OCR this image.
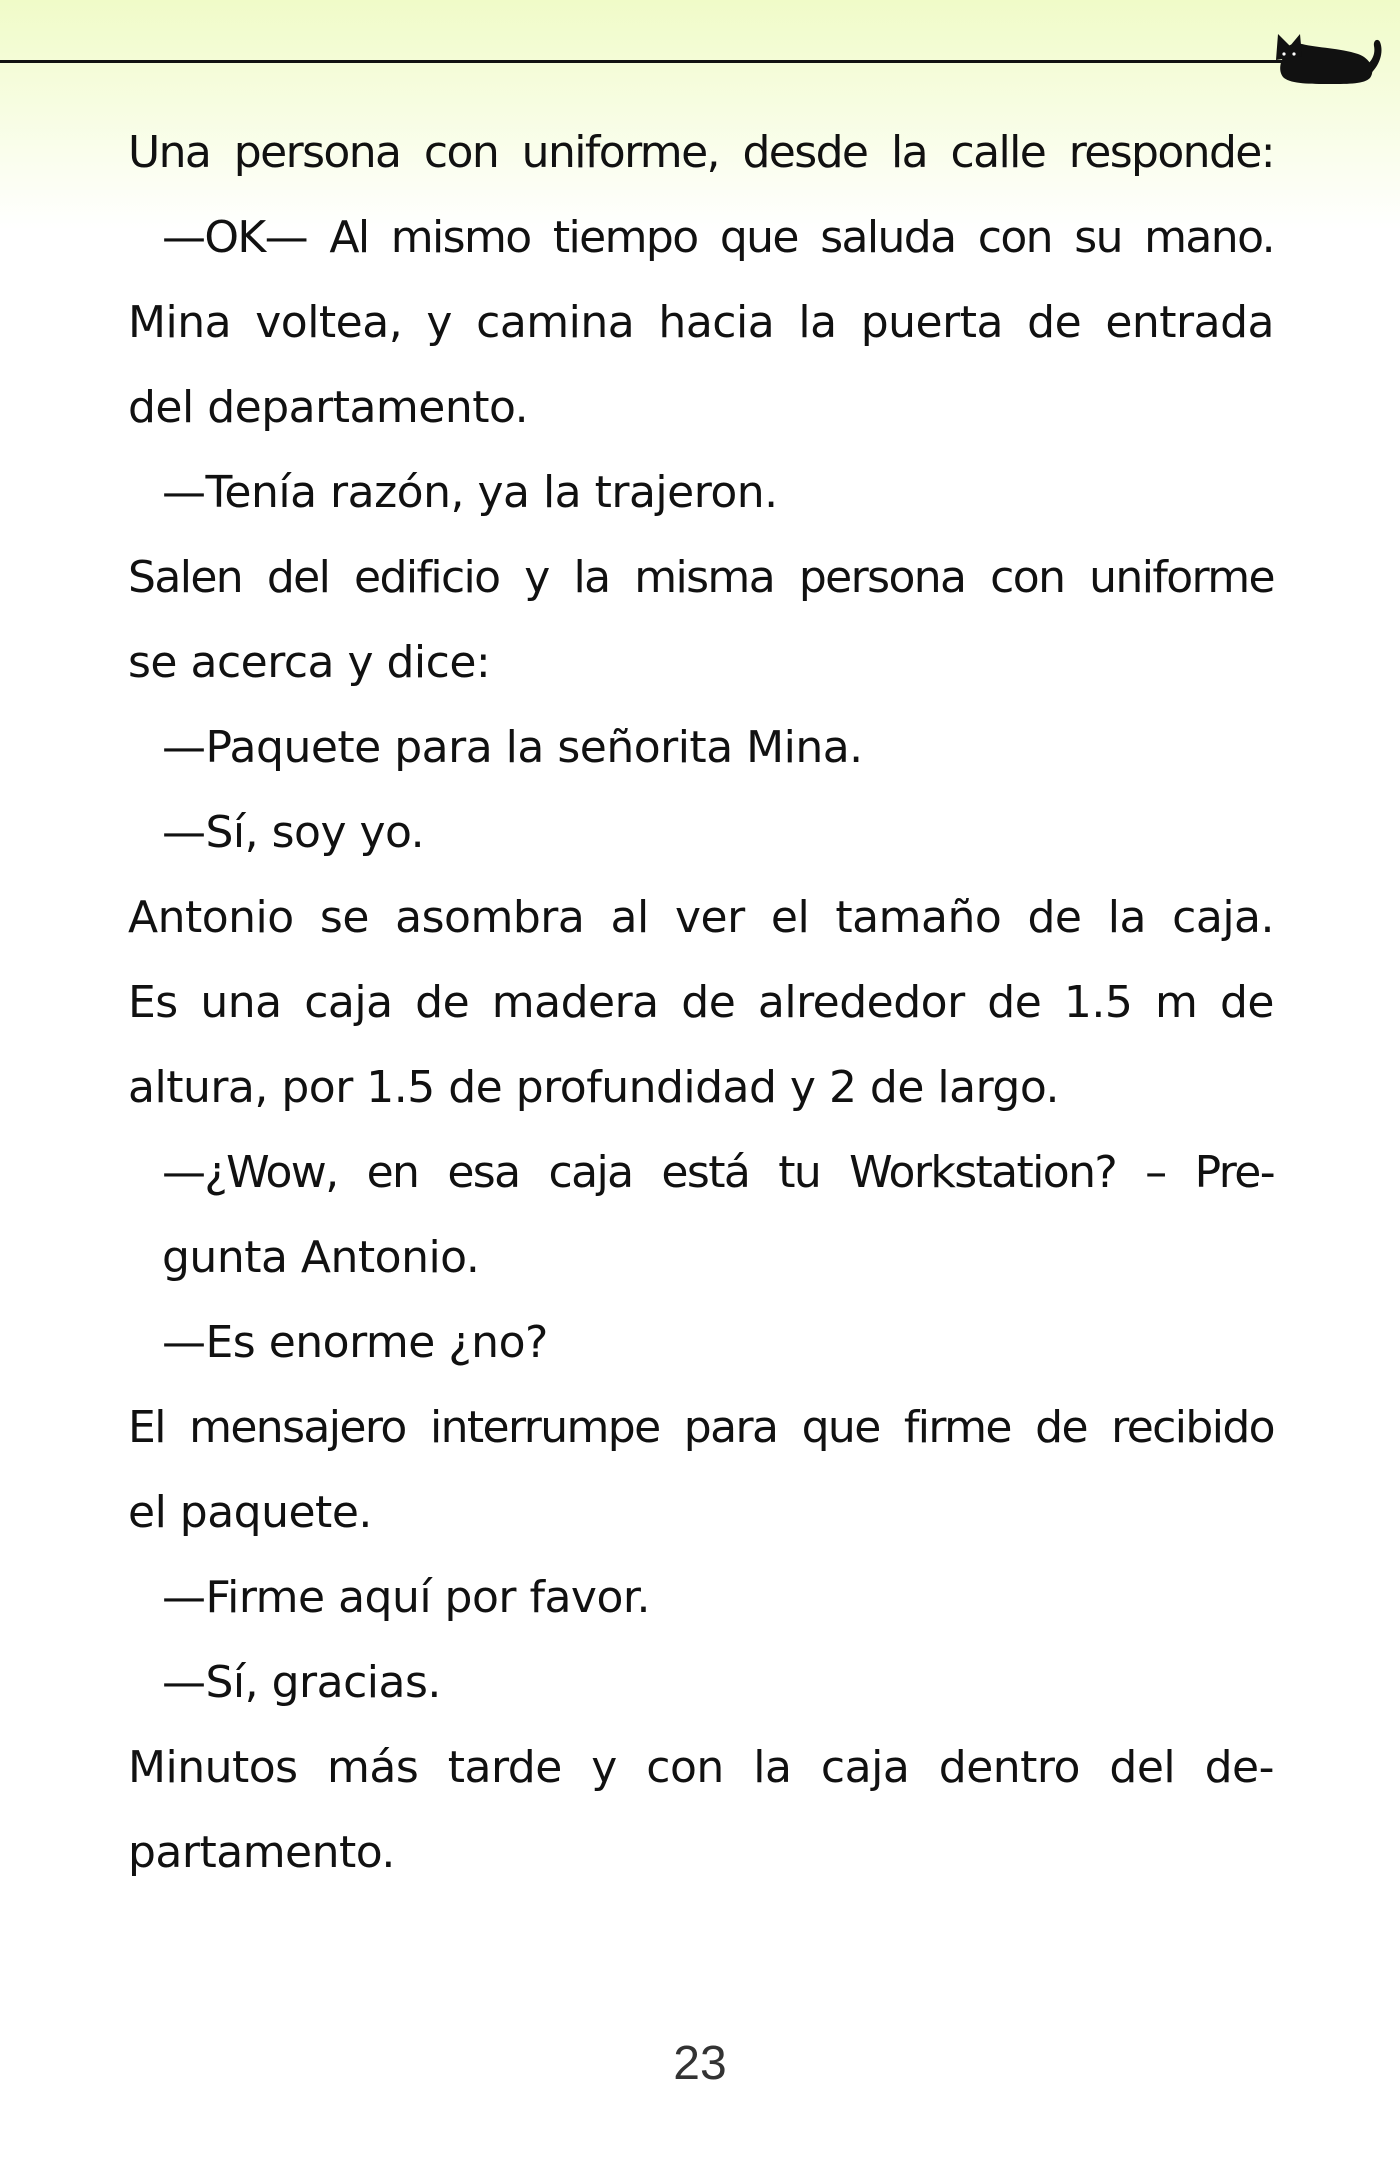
Una persona con uniforme, desde la calle responde:
—OK— Al mismo tiempo que saluda con su mano.
Mina voltea, y camina hacia la puerta de entrada
del departamento.
—Tenía razón, ya la trajeron.
Salen del edificio y la misma persona con uniforme
se acerca y dice:
—Paquete para la señorita Mina.
—Sí, soy yo.
Antonio se asombra al ver el tamaño de la caja.
Es una caja de madera de alrededor de 1.5 m de
altura, por 1.5 de profundidad y 2 de largo.
—¿Wow, en esa caja está tu Workstation? – Pre-
gunta Antonio.
—Es enorme ¿no?
El mensajero interrumpe para que firme de recibido
el paquete.
—Firme aquí por favor.
—Sí, gracias.
Minutos más tarde y con la caja dentro del de-
partamento.
23
